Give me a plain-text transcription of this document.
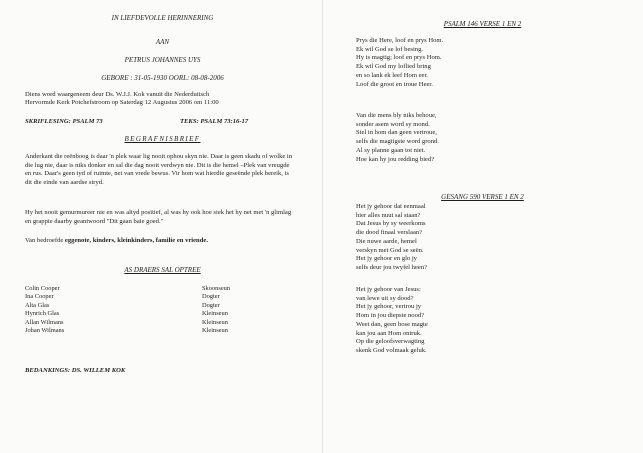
IN LIEFDEVOLLE HERINNERING
AAN
PETRUS JOHANNES UYS
GEBORE : 31-05-1930 OORL: 08-08-2006
Diens word waargeneem deur Ds. W.J.J. Kok vanuit die Nederduitsch
Hervormde Kerk Potchefstroom op Saterdag 12 Augustus 2006 om 11:00
SKRIFLESING: PSALM 73	TEKS: PSALM 73:16-17
BEGRAFNISBRIEF
Anderkant die reënboog is daar 'n plek waar lig nooit ophou skyn nie. Daar is geen skadu of wolke in die lug nie, daar is niks donker en sal die dag nooit verdwyn nie. Dit is die hemel –Plek van vreugde en rus. Daar's geen tyd of ruimte, net van vrede bewus. Vir hom wat hierdie geseënde plek bereik, is dit die einde van aardse stryd.
Hy het nooit gemurmureer nie en was altyd positief, al was hy ook hoe siek het hy net met 'n glimlag en grappie daarby geantwoord "Dit gaan baie goed."
Van bedroefde eggenote, kinders, kleinkinders, familie en vriende.
AS DRAERS SAL OPTREE
Colin Cooper
Ina Cooper
Alta Glas
Hynrich Glas
Allan Wilmans
Johan Wilmans
Skoonseun
Dogter
Dogter
Kleinseun
Kleinseun
Kleinseun
BEDANKINGS: DS. WILLEM KOK
PSALM 146 VERSE 1 EN 2
Prys die Here, loof en prys Hom.
Ek wil God se lof besing.
Hy is magtig; loof en prys Hom.
Ek wil God my loflied bring
en so lank ek leef Hom eer.
Loof die groot en troue Heer.
Van die mens bly niks behoue,
sonder asem word sy mond.
Stel in hom dan geen vertroue,
selfs die magtigste word grond.
Al sy planne gaan tot niet.
Hoe kan hy jou redding bied?
GESANG 590 VERSE 1 EN 2
Het jy gehoor dat eenmaal
hier alles nuut sal staan?
Dat Jesus by sy weerkoms
die dood finaal verslaan?
Die nuwe aarde, hemel
verskyn met God se seën.
Het jy gehoor en glo jy
selfs deur jou twyfel heen?
Het jy gehoor van Jesus:
van lewe uit sy dood?
Het jy gehoor, vertrou jy
Hom in jou diepste nood?
Weet dan, geen bose magte
kan jou aan Hom ontruk.
Op die geloofsverwagting
skenk God volmaak geluk.
